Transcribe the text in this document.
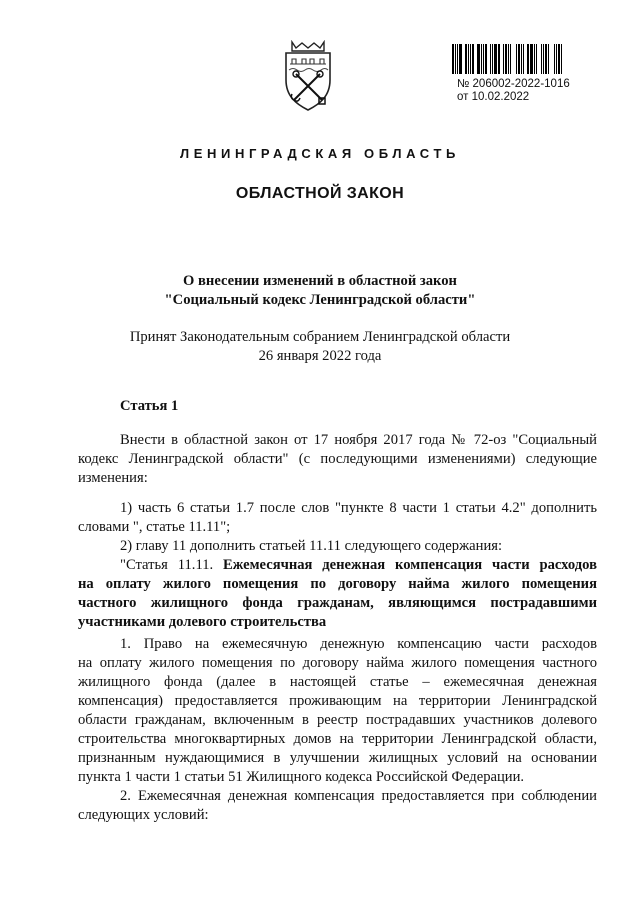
№ 206002-2022-1016
от 10.02.2022
ЛЕНИНГРАДСКАЯ ОБЛАСТЬ
ОБЛАСТНОЙ ЗАКОН
О внесении изменений в областной закон
"Социальный кодекс Ленинградской области"
Принят Законодательным собранием Ленинградской области
26 января 2022 года
Статья 1
Внести в областной закон от 17 ноября 2017 года № 72-оз "Социальный
кодекс Ленинградской области" (с последующими изменениями) следующие
изменения:
1) часть 6 статьи 1.7 после слов "пункте 8 части 1 статьи 4.2" дополнить
словами ", статье 11.11";
2) главу 11 дополнить статьей 11.11 следующего содержания:
"Статья 11.11. Ежемесячная денежная компенсация части расходов
на оплату жилого помещения по договору найма жилого помещения
частного жилищного фонда гражданам, являющимся пострадавшими
участниками долевого строительства
1. Право на ежемесячную денежную компенсацию части расходов
на оплату жилого помещения по договору найма жилого помещения частного
жилищного фонда (далее в настоящей статье – ежемесячная денежная
компенсация) предоставляется проживающим на территории Ленинградской
области гражданам, включенным в реестр пострадавших участников долевого
строительства многоквартирных домов на территории Ленинградской области,
признанным нуждающимися в улучшении жилищных условий на основании
пункта 1 части 1 статьи 51 Жилищного кодекса Российской Федерации.
2. Ежемесячная денежная компенсация предоставляется при соблюдении
следующих условий:
